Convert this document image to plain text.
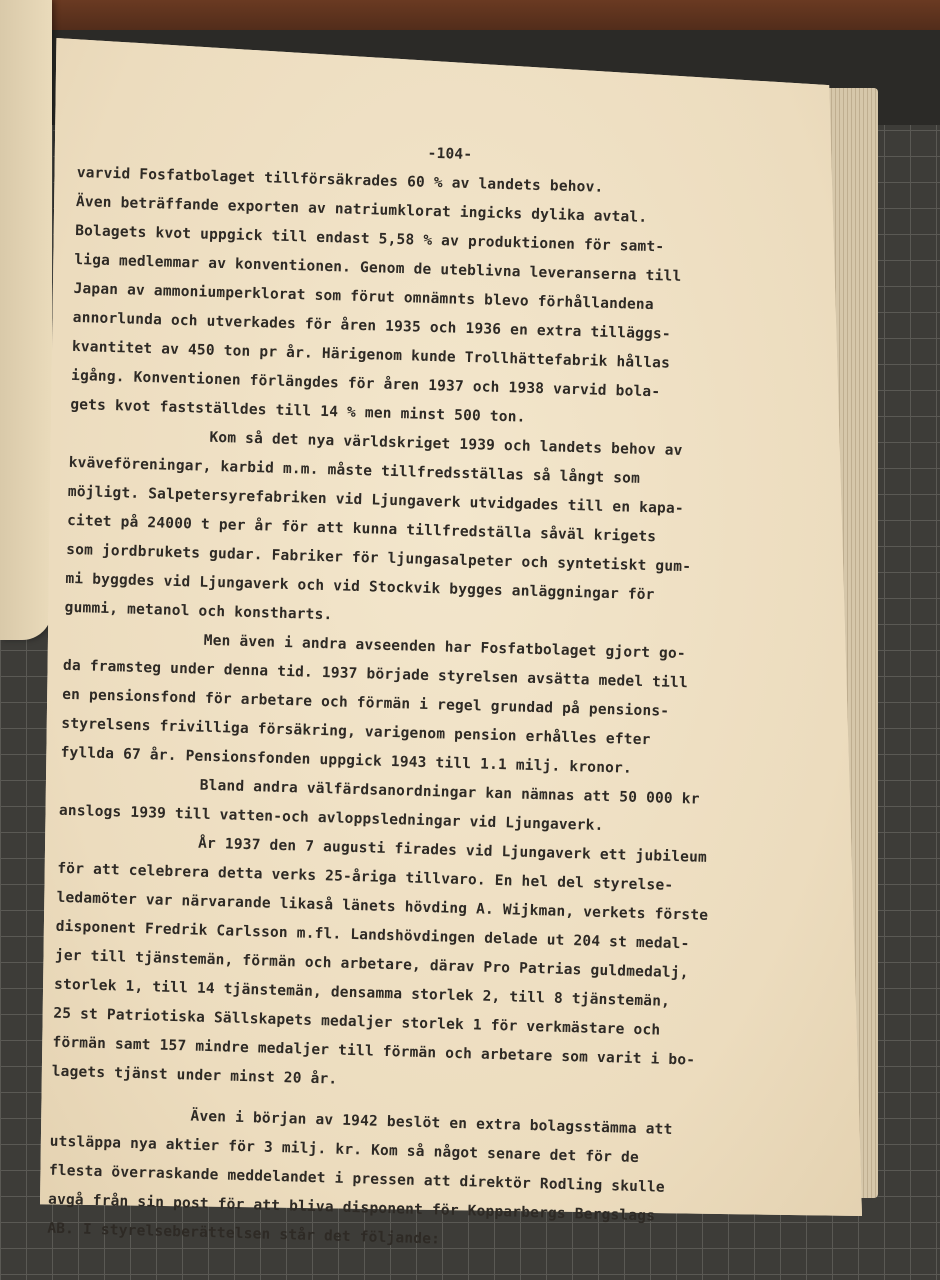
-104-
varvid Fosfatbolaget tillförsäkrades 60 % av landets behov.
Även beträffande exporten av natriumklorat ingicks dylika avtal.
Bolagets kvot uppgick till endast 5,58 % av produktionen för samt-
liga medlemmar av konventionen. Genom de uteblivna leveranserna till
Japan av ammoniumperklorat som förut omnämnts blevo förhållandena
annorlunda och utverkades för åren 1935 och 1936 en extra tilläggs-
kvantitet av 450 ton pr år. Härigenom kunde Trollhättefabrik hållas
igång. Konventionen förlängdes för åren 1937 och 1938 varvid bola-
gets kvot fastställdes till 14 % men minst 500 ton.
Kom så det nya världskriget 1939 och landets behov av
kväveföreningar, karbid m.m. måste tillfredsställas så långt som
möjligt. Salpetersyrefabriken vid Ljungaverk utvidgades till en kapa-
citet på 24000 t per år för att kunna tillfredställa såväl krigets
som jordbrukets gudar. Fabriker för ljungasalpeter och syntetiskt gum-
mi byggdes vid Ljungaverk och vid Stockvik bygges anläggningar för
gummi, metanol och konstharts.
Men även i andra avseenden har Fosfatbolaget gjort go-
da framsteg under denna tid. 1937 började styrelsen avsätta medel till
en pensionsfond för arbetare och förmän i regel grundad på pensions-
styrelsens frivilliga försäkring, varigenom pension erhålles efter
fyllda 67 år. Pensionsfonden uppgick 1943 till 1.1 milj. kronor.
Bland andra välfärdsanordningar kan nämnas att 50 000 kr
anslogs 1939 till vatten-och avloppsledningar vid Ljungaverk.
År 1937 den 7 augusti firades vid Ljungaverk ett jubileum
för att celebrera detta verks 25-åriga tillvaro. En hel del styrelse-
ledamöter var närvarande likaså länets hövding A. Wijkman, verkets förste
disponent Fredrik Carlsson m.fl. Landshövdingen delade ut 204 st medal-
jer till tjänstemän, förmän och arbetare, därav Pro Patrias guldmedalj,
storlek 1, till 14 tjänstemän, densamma storlek 2, till 8 tjänstemän,
25 st Patriotiska Sällskapets medaljer storlek 1 för verkmästare och
förmän samt 157 mindre medaljer till förmän och arbetare som varit i bo-
lagets tjänst under minst 20 år.
Även i början av 1942 beslöt en extra bolagsstämma att
utsläppa nya aktier för 3 milj. kr. Kom så något senare det för de
flesta överraskande meddelandet i pressen att direktör Rodling skulle
avgå från sin post för att bliva disponent för Kopparbergs Bergslags
AB. I styrelseberättelsen står det följande:
